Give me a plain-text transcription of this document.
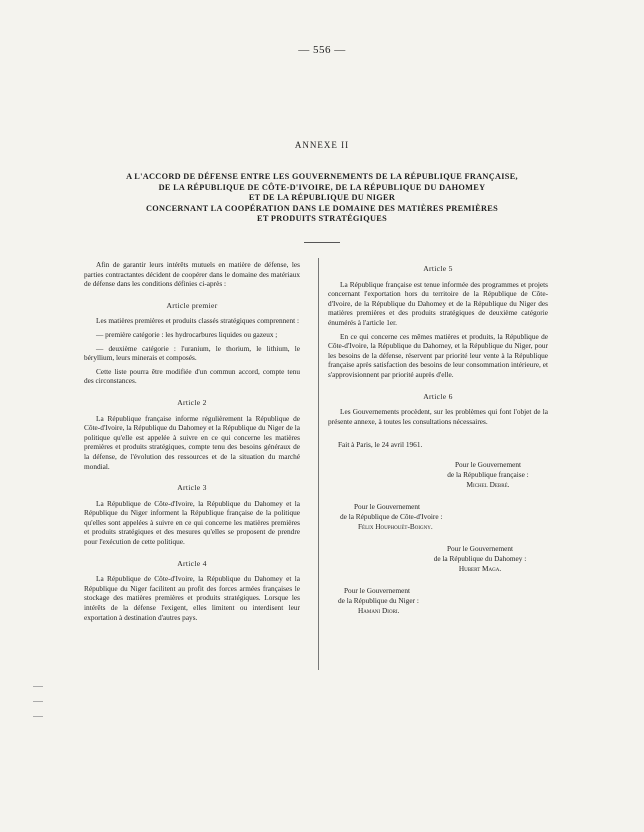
— 556 —
ANNEXE II
A L'ACCORD DE DÉFENSE ENTRE LES GOUVERNEMENTS DE LA RÉPUBLIQUE FRANÇAISE,
DE LA RÉPUBLIQUE DE CÔTE-D'IVOIRE, DE LA RÉPUBLIQUE DU DAHOMEY
ET DE LA RÉPUBLIQUE DU NIGER
CONCERNANT LA COOPÉRATION DANS LE DOMAINE DES MATIÈRES PREMIÈRES
ET PRODUITS STRATÉGIQUES

Afin de garantir leurs intérêts mutuels en matière de défense, les parties contractantes décident de coopérer dans le domaine des matériaux de défense dans les conditions définies ci-après :

Article premier

Les matières premières et produits classés stratégiques comprennent :

— première catégorie : les hydrocarbures liquides ou gazeux ;

— deuxième catégorie : l'uranium, le thorium, le lithium, le béryllium, leurs minerais et composés.

Cette liste pourra être modifiée d'un commun accord, compte tenu des circonstances.

Article 2

La République française informe régulièrement la République de Côte-d'Ivoire, la République du Dahomey et la République du Niger de la politique qu'elle est appelée à suivre en ce qui concerne les matières premières et produits stratégiques, compte tenu des besoins généraux de la défense, de l'évolution des ressources et de la situation du marché mondial.

Article 3

La République de Côte-d'Ivoire, la République du Dahomey et la République du Niger informent la République française de la politique qu'elles sont appelées à suivre en ce qui concerne les matières premières et produits stratégiques et des mesures qu'elles se proposent de prendre pour l'exécution de cette politique.

Article 4

La République de Côte-d'Ivoire, la République du Dahomey et la République du Niger facilitent au profit des forces armées françaises le stockage des matières premières et produits stratégiques. Lorsque les intérêts de la défense l'exigent, elles limitent ou interdisent leur exportation à destination d'autres pays.

Article 5

La République française est tenue informée des programmes et projets concernant l'exportation hors du territoire de la République de Côte-d'Ivoire, de la République du Dahomey et de la République du Niger des matières premières et des produits stratégiques de deuxième catégorie énumérés à l'article 1er.

En ce qui concerne ces mêmes matières et produits, la République de Côte-d'Ivoire, la République du Dahomey, et la République du Niger, pour les besoins de la défense, réservent par priorité leur vente à la République française après satisfaction des besoins de leur consommation intérieure, et s'approvisionnent par priorité auprès d'elle.

Article 6

Les Gouvernements procèdent, sur les problèmes qui font l'objet de la présente annexe, à toutes les consultations nécessaires.

Fait à Paris, le 24 avril 1961.
Pour le Gouvernement
de la République française :
Michel Debré.
Pour le Gouvernement
de la République de Côte-d'Ivoire :
Félix Houphouët-Boigny.
Pour le Gouvernement
de la République du Dahomey :
Hubert Maga.
Pour le Gouvernement
de la République du Niger :
Hamani Diori.
